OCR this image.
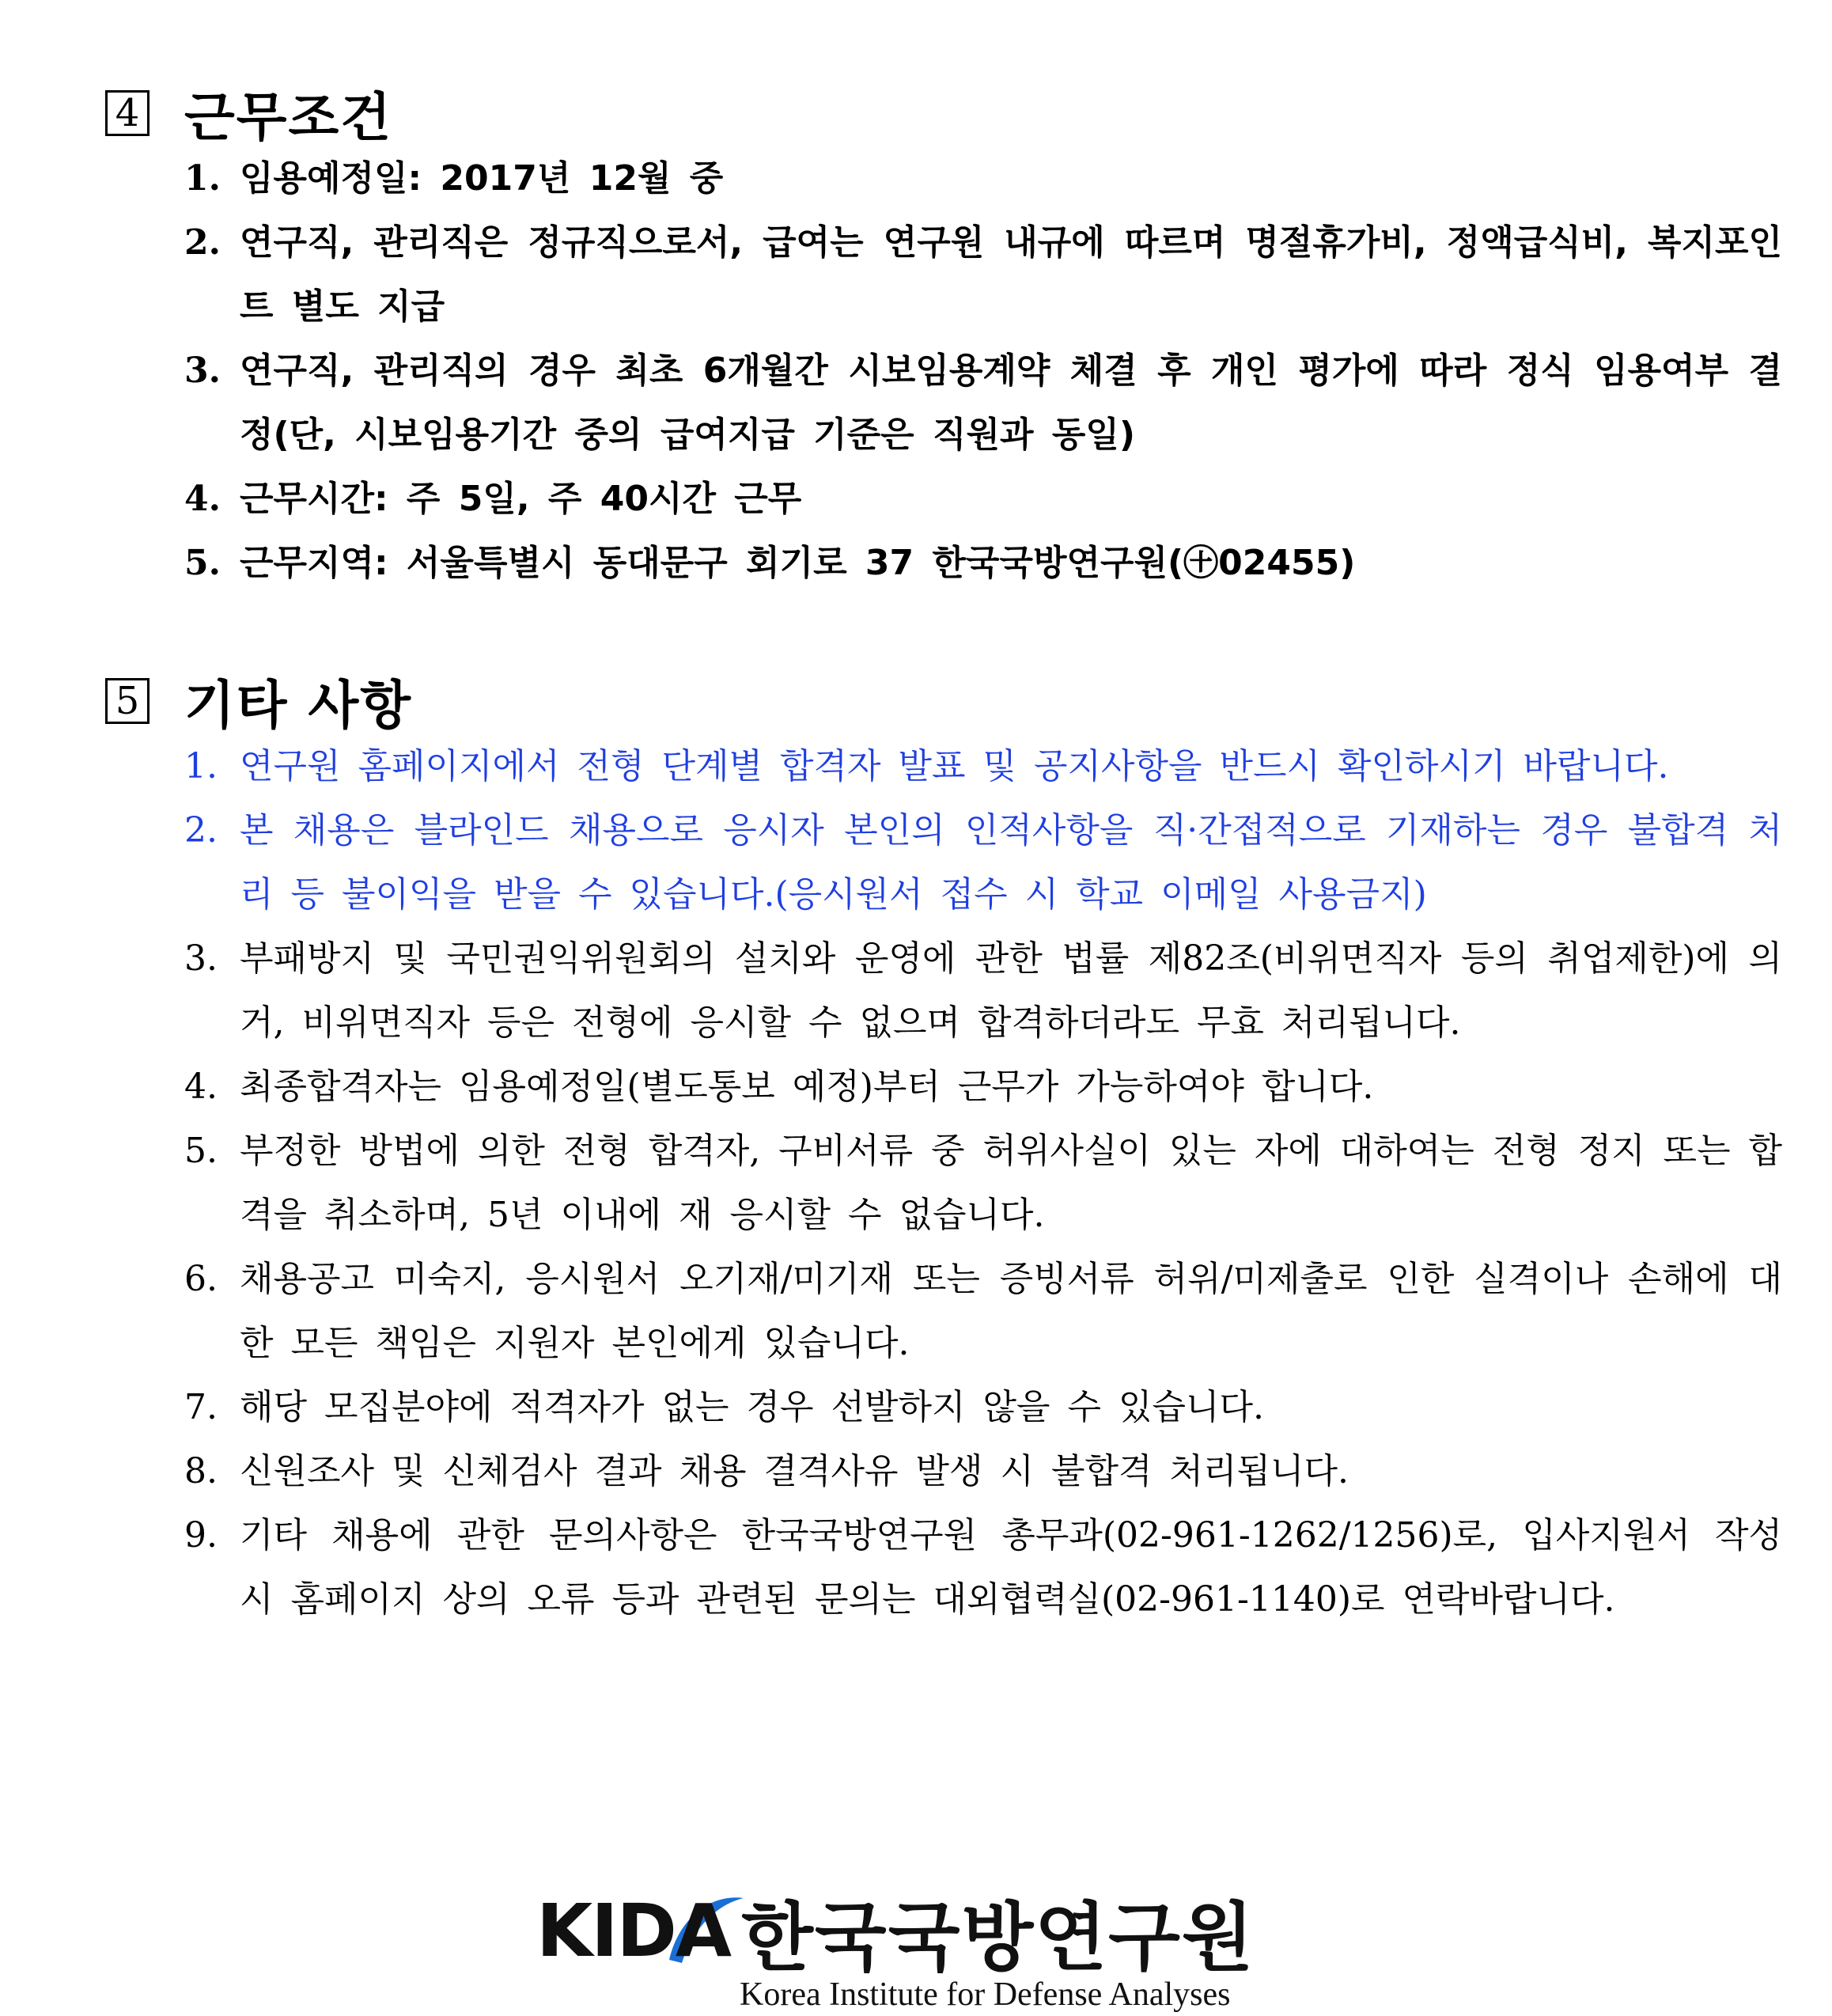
4 근무조건
1. 임용예정일: 2017년 12월 중
2. 연구직, 관리직은 정규직으로서, 급여는 연구원 내규에 따르며 명절휴가비, 정액급식비, 복지포인트 별도 지급
3. 연구직, 관리직의 경우 최초 6개월간 시보임용계약 체결 후 개인 평가에 따라 정식 임용여부 결정(단, 시보임용기간 중의 급여지급 기준은 직원과 동일)
4. 근무시간: 주 5일, 주 40시간 근무
5. 근무지역: 서울특별시 동대문구 회기로 37 한국국방연구원(㊉02455)
5 기타 사항
1. 연구원 홈페이지에서 전형 단계별 합격자 발표 및 공지사항을 반드시 확인하시기 바랍니다.
2. 본 채용은 블라인드 채용으로 응시자 본인의 인적사항을 직·간접적으로 기재하는 경우 불합격 처리 등 불이익을 받을 수 있습니다.(응시원서 접수 시 학교 이메일 사용금지)
3. 부패방지 및 국민권익위원회의 설치와 운영에 관한 법률 제82조(비위면직자 등의 취업제한)에 의거, 비위면직자 등은 전형에 응시할 수 없으며 합격하더라도 무효 처리됩니다.
4. 최종합격자는 임용예정일(별도통보 예정)부터 근무가 가능하여야 합니다.
5. 부정한 방법에 의한 전형 합격자, 구비서류 중 허위사실이 있는 자에 대하여는 전형 정지 또는 합격을 취소하며, 5년 이내에 재 응시할 수 없습니다.
6. 채용공고 미숙지, 응시원서 오기재/미기재 또는 증빙서류 허위/미제출로 인한 실격이나 손해에 대한 모든 책임은 지원자 본인에게 있습니다.
7. 해당 모집분야에 적격자가 없는 경우 선발하지 않을 수 있습니다.
8. 신원조사 및 신체검사 결과 채용 결격사유 발생 시 불합격 처리됩니다.
9. 기타 채용에 관한 문의사항은 한국국방연구원 총무과(02-961-1262/1256)로, 입사지원서 작성 시 홈페이지 상의 오류 등과 관련된 문의는 대외협력실(02-961-1140)로 연락바랍니다.
KIDA 한국국방연구원
Korea Institute for Defense Analyses
